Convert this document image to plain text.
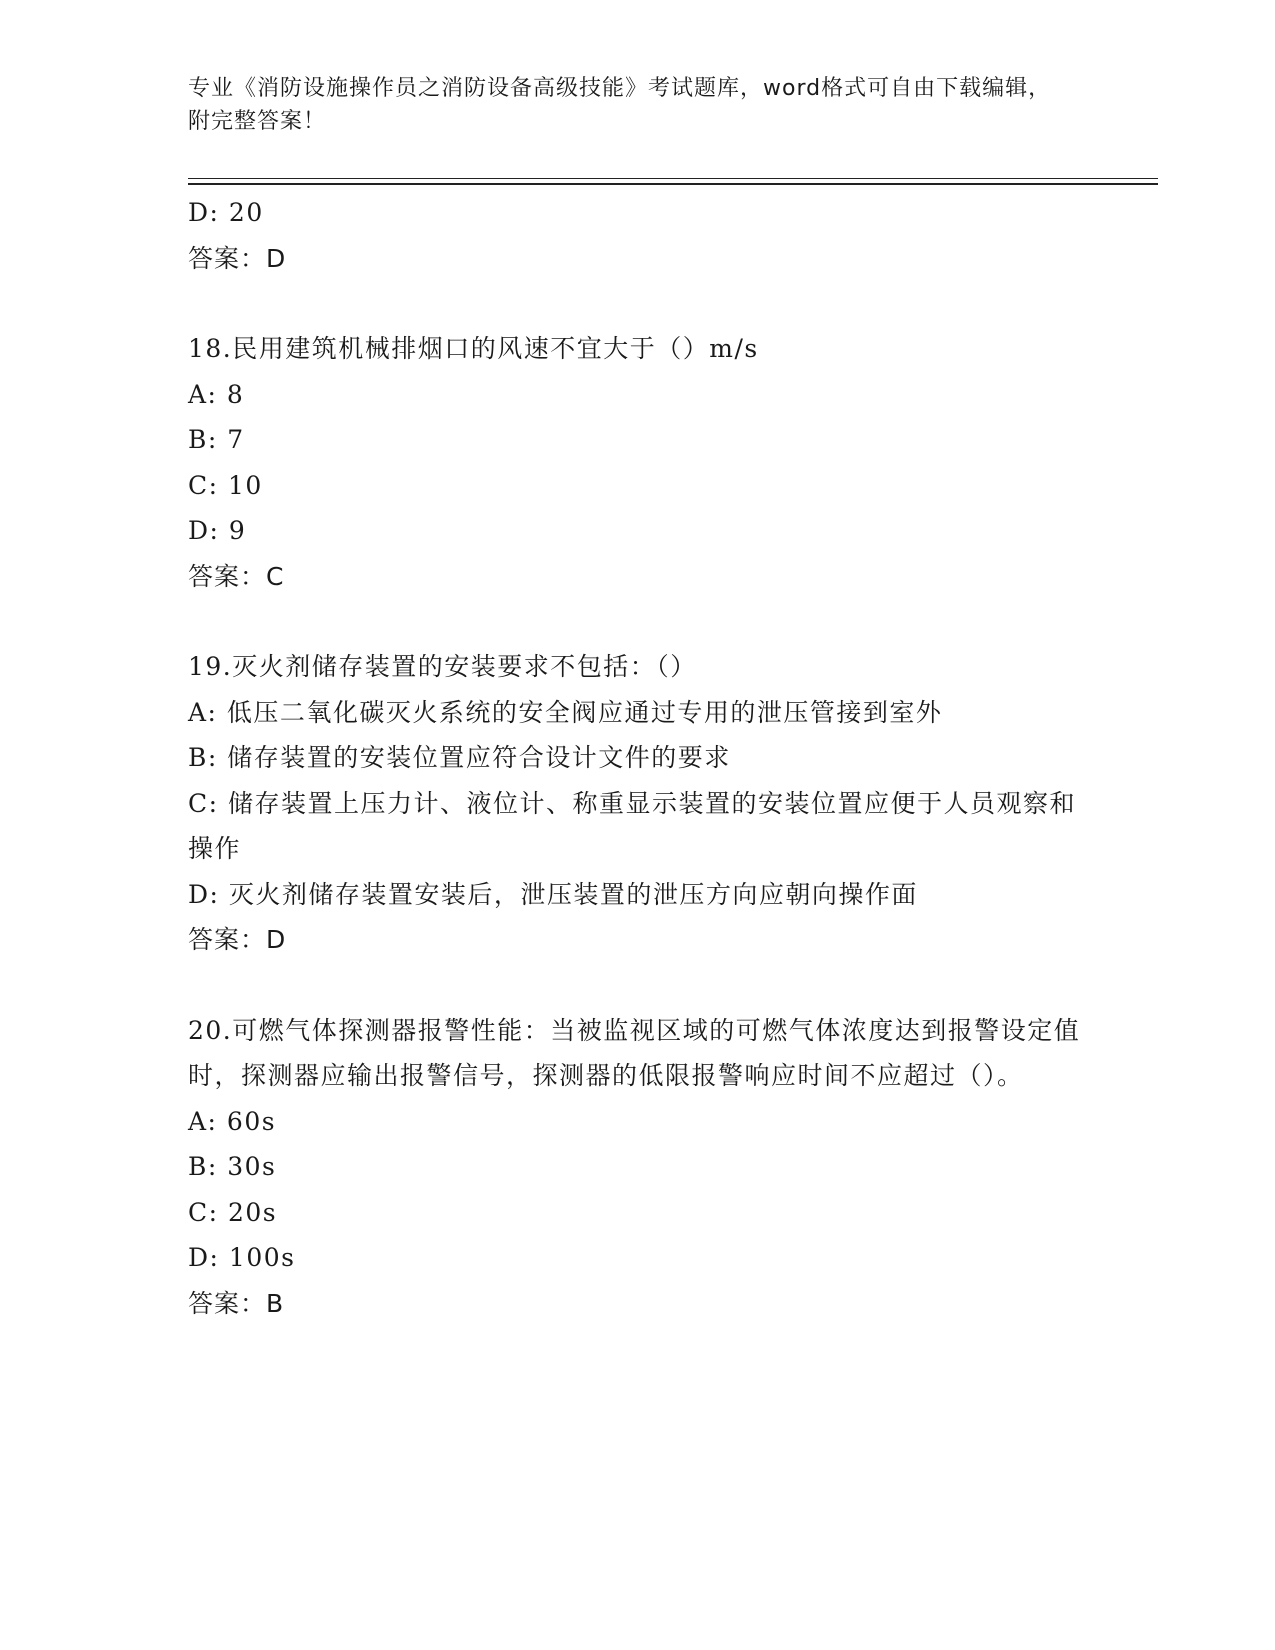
专业《消防设施操作员之消防设备高级技能》考试题库，word格式可自由下载编辑，附完整答案！
D: 20
答案：D
18.民用建筑机械排烟口的风速不宜大于（）m/s
A: 8
B: 7
C: 10
D: 9
答案：C
19.灭火剂储存装置的安装要求不包括：（）
A: 低压二氧化碳灭火系统的安全阀应通过专用的泄压管接到室外
B: 储存装置的安装位置应符合设计文件的要求
C: 储存装置上压力计、液位计、称重显示装置的安装位置应便于人员观察和操作
D: 灭火剂储存装置安装后，泄压装置的泄压方向应朝向操作面
答案：D
20.可燃气体探测器报警性能：当被监视区域的可燃气体浓度达到报警设定值时，探测器应输出报警信号，探测器的低限报警响应时间不应超过（）。
A: 60s
B: 30s
C: 20s
D: 100s
答案：B
